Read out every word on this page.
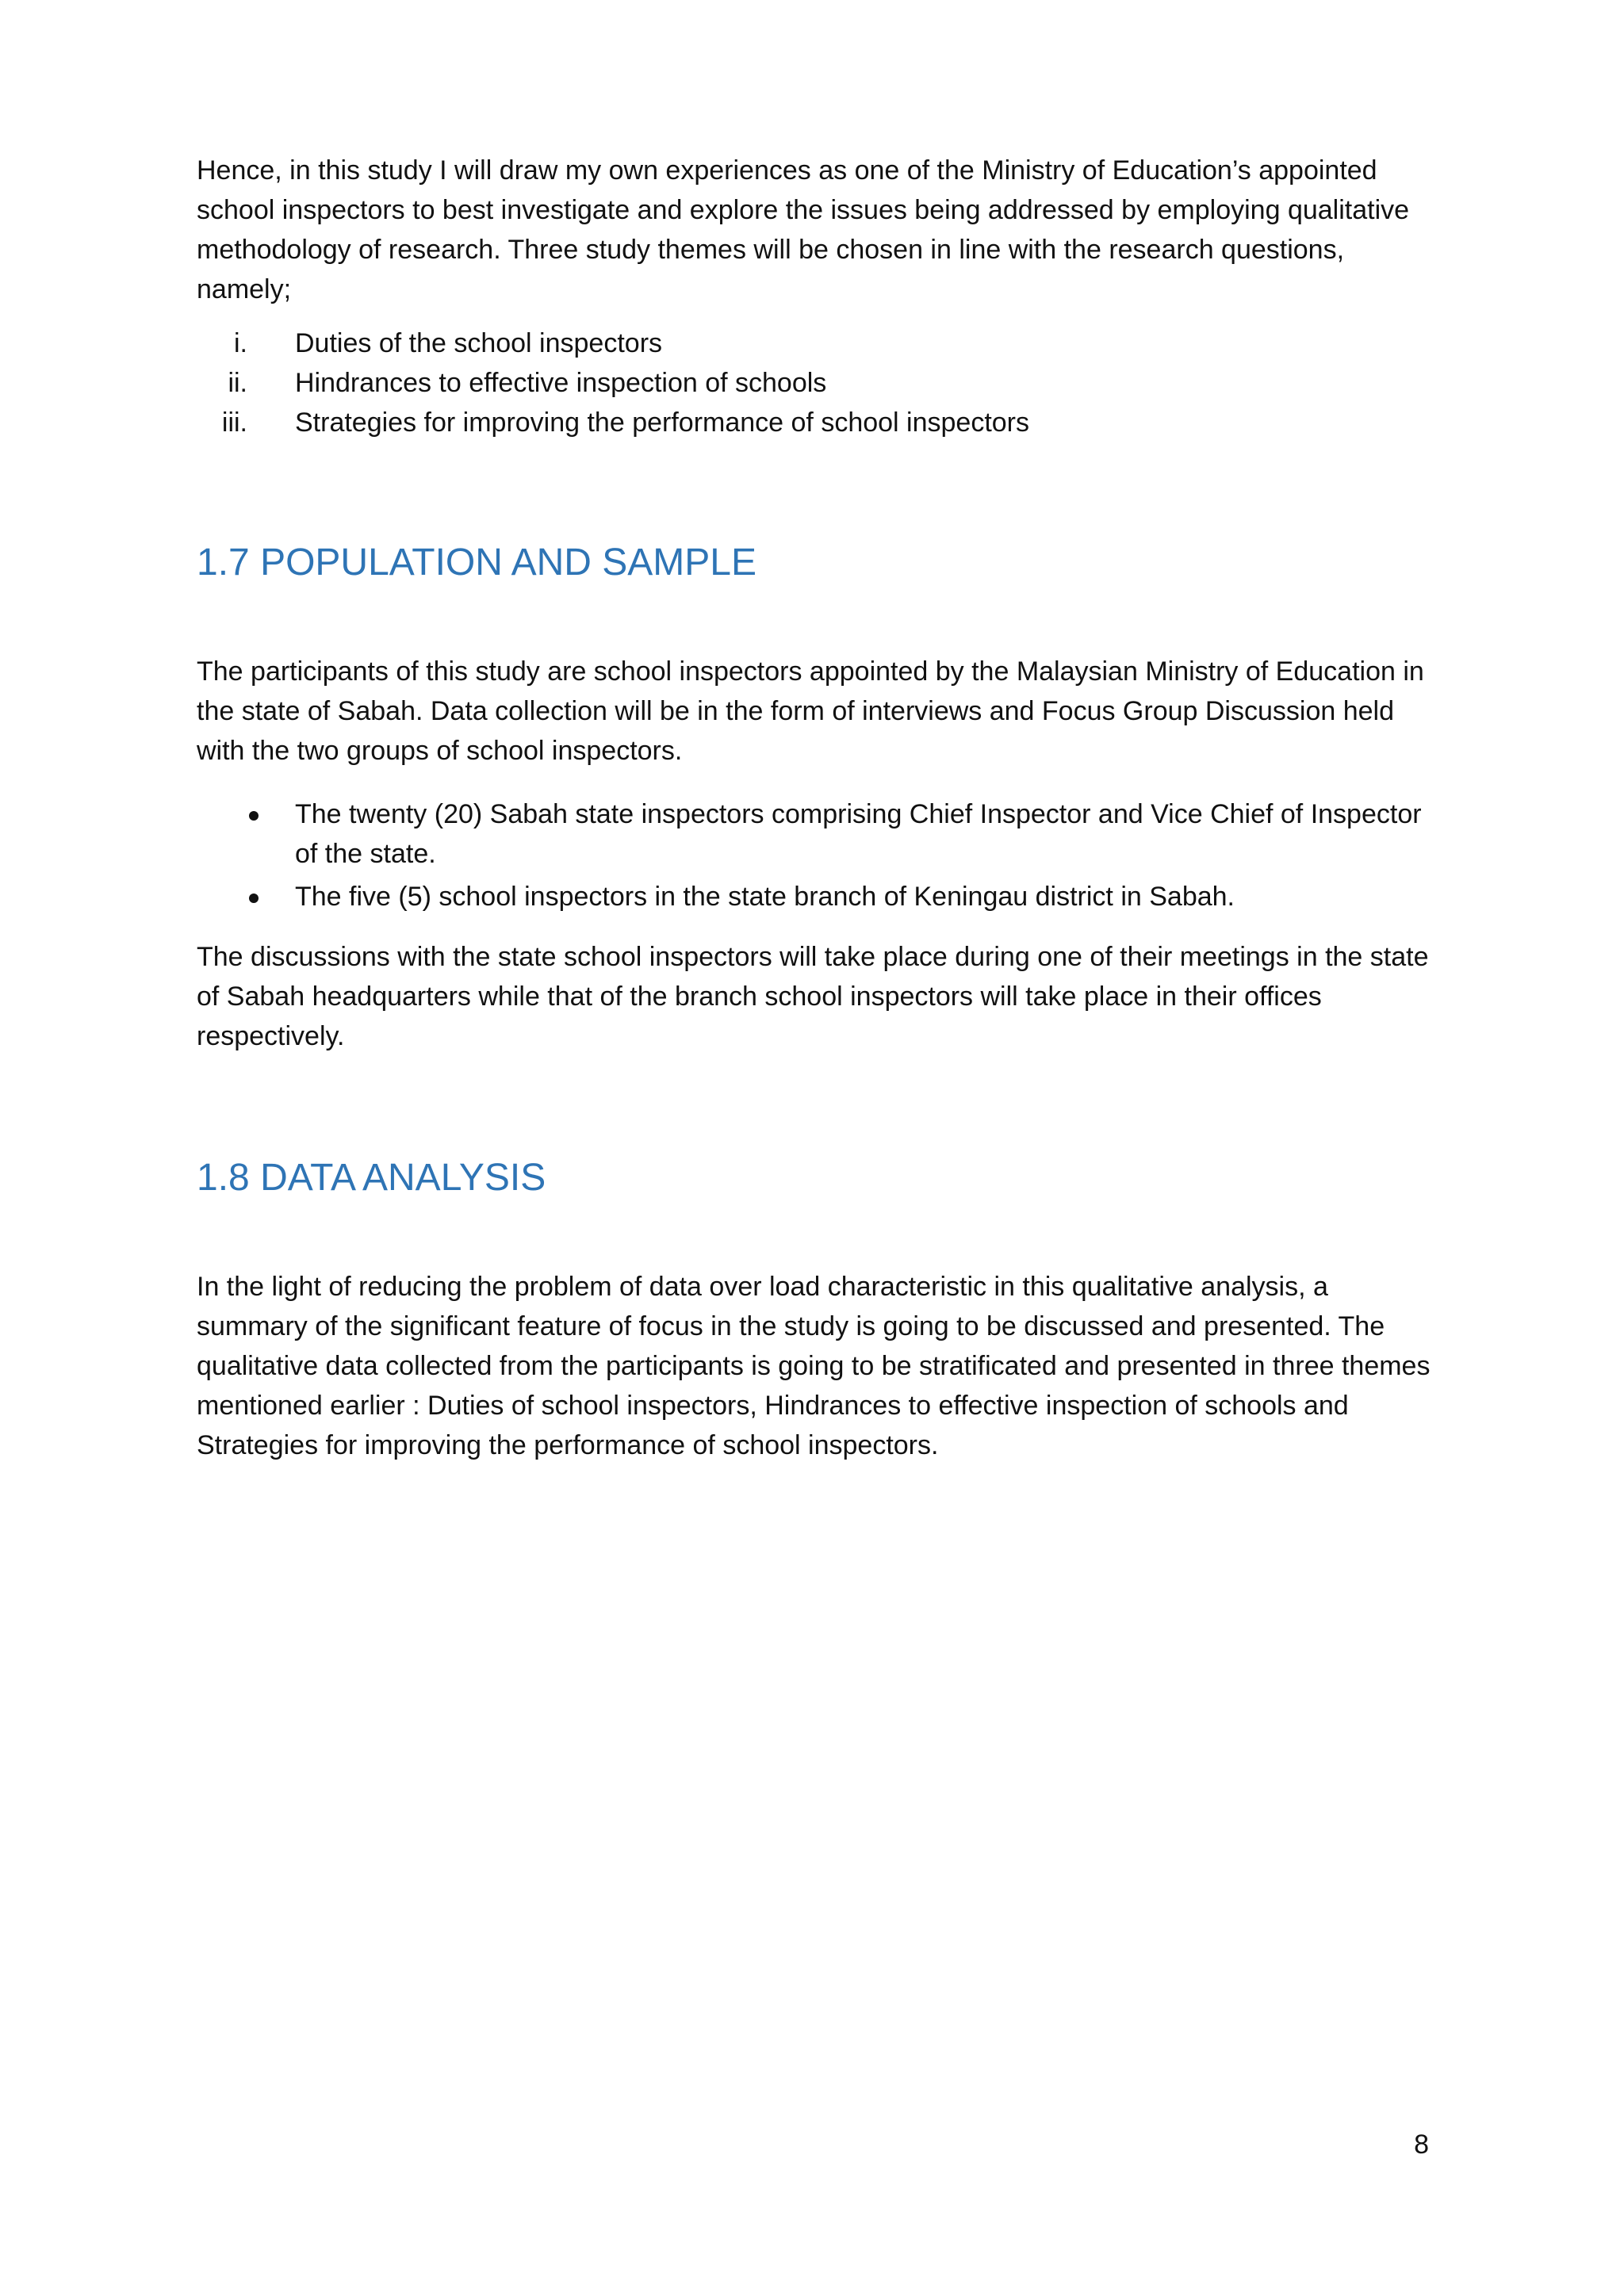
Hence, in this study I will draw my own experiences as one of the Ministry of Education’s appointed school inspectors to best investigate and explore the issues being addressed by employing qualitative methodology of research. Three study themes will be chosen in line with the research questions, namely;

i. Duties of the school inspectors
ii. Hindrances to effective inspection of schools
iii. Strategies for improving the performance of school inspectors
1.7 POPULATION AND SAMPLE

The participants of this study are school inspectors appointed by the Malaysian Ministry of Education in the state of Sabah. Data collection will be in the form of interviews and Focus Group Discussion held with the two groups of school inspectors.

The twenty (20) Sabah state inspectors comprising Chief Inspector and Vice Chief of Inspector of the state.
The five (5) school inspectors in the state branch of Keningau district in Sabah.

The discussions with the state school inspectors will take place during one of their meetings in the state of Sabah headquarters while that of the branch school inspectors will take place in their offices respectively.

1.8 DATA ANALYSIS

In the light of reducing the problem of data over load characteristic in this qualitative analysis, a summary of the significant feature of focus in the study is going to be discussed and presented. The qualitative data collected from the participants is going to be stratificated and presented in three themes mentioned earlier : Duties of school inspectors, Hindrances to effective inspection of schools and Strategies for improving the performance of school inspectors.

8
